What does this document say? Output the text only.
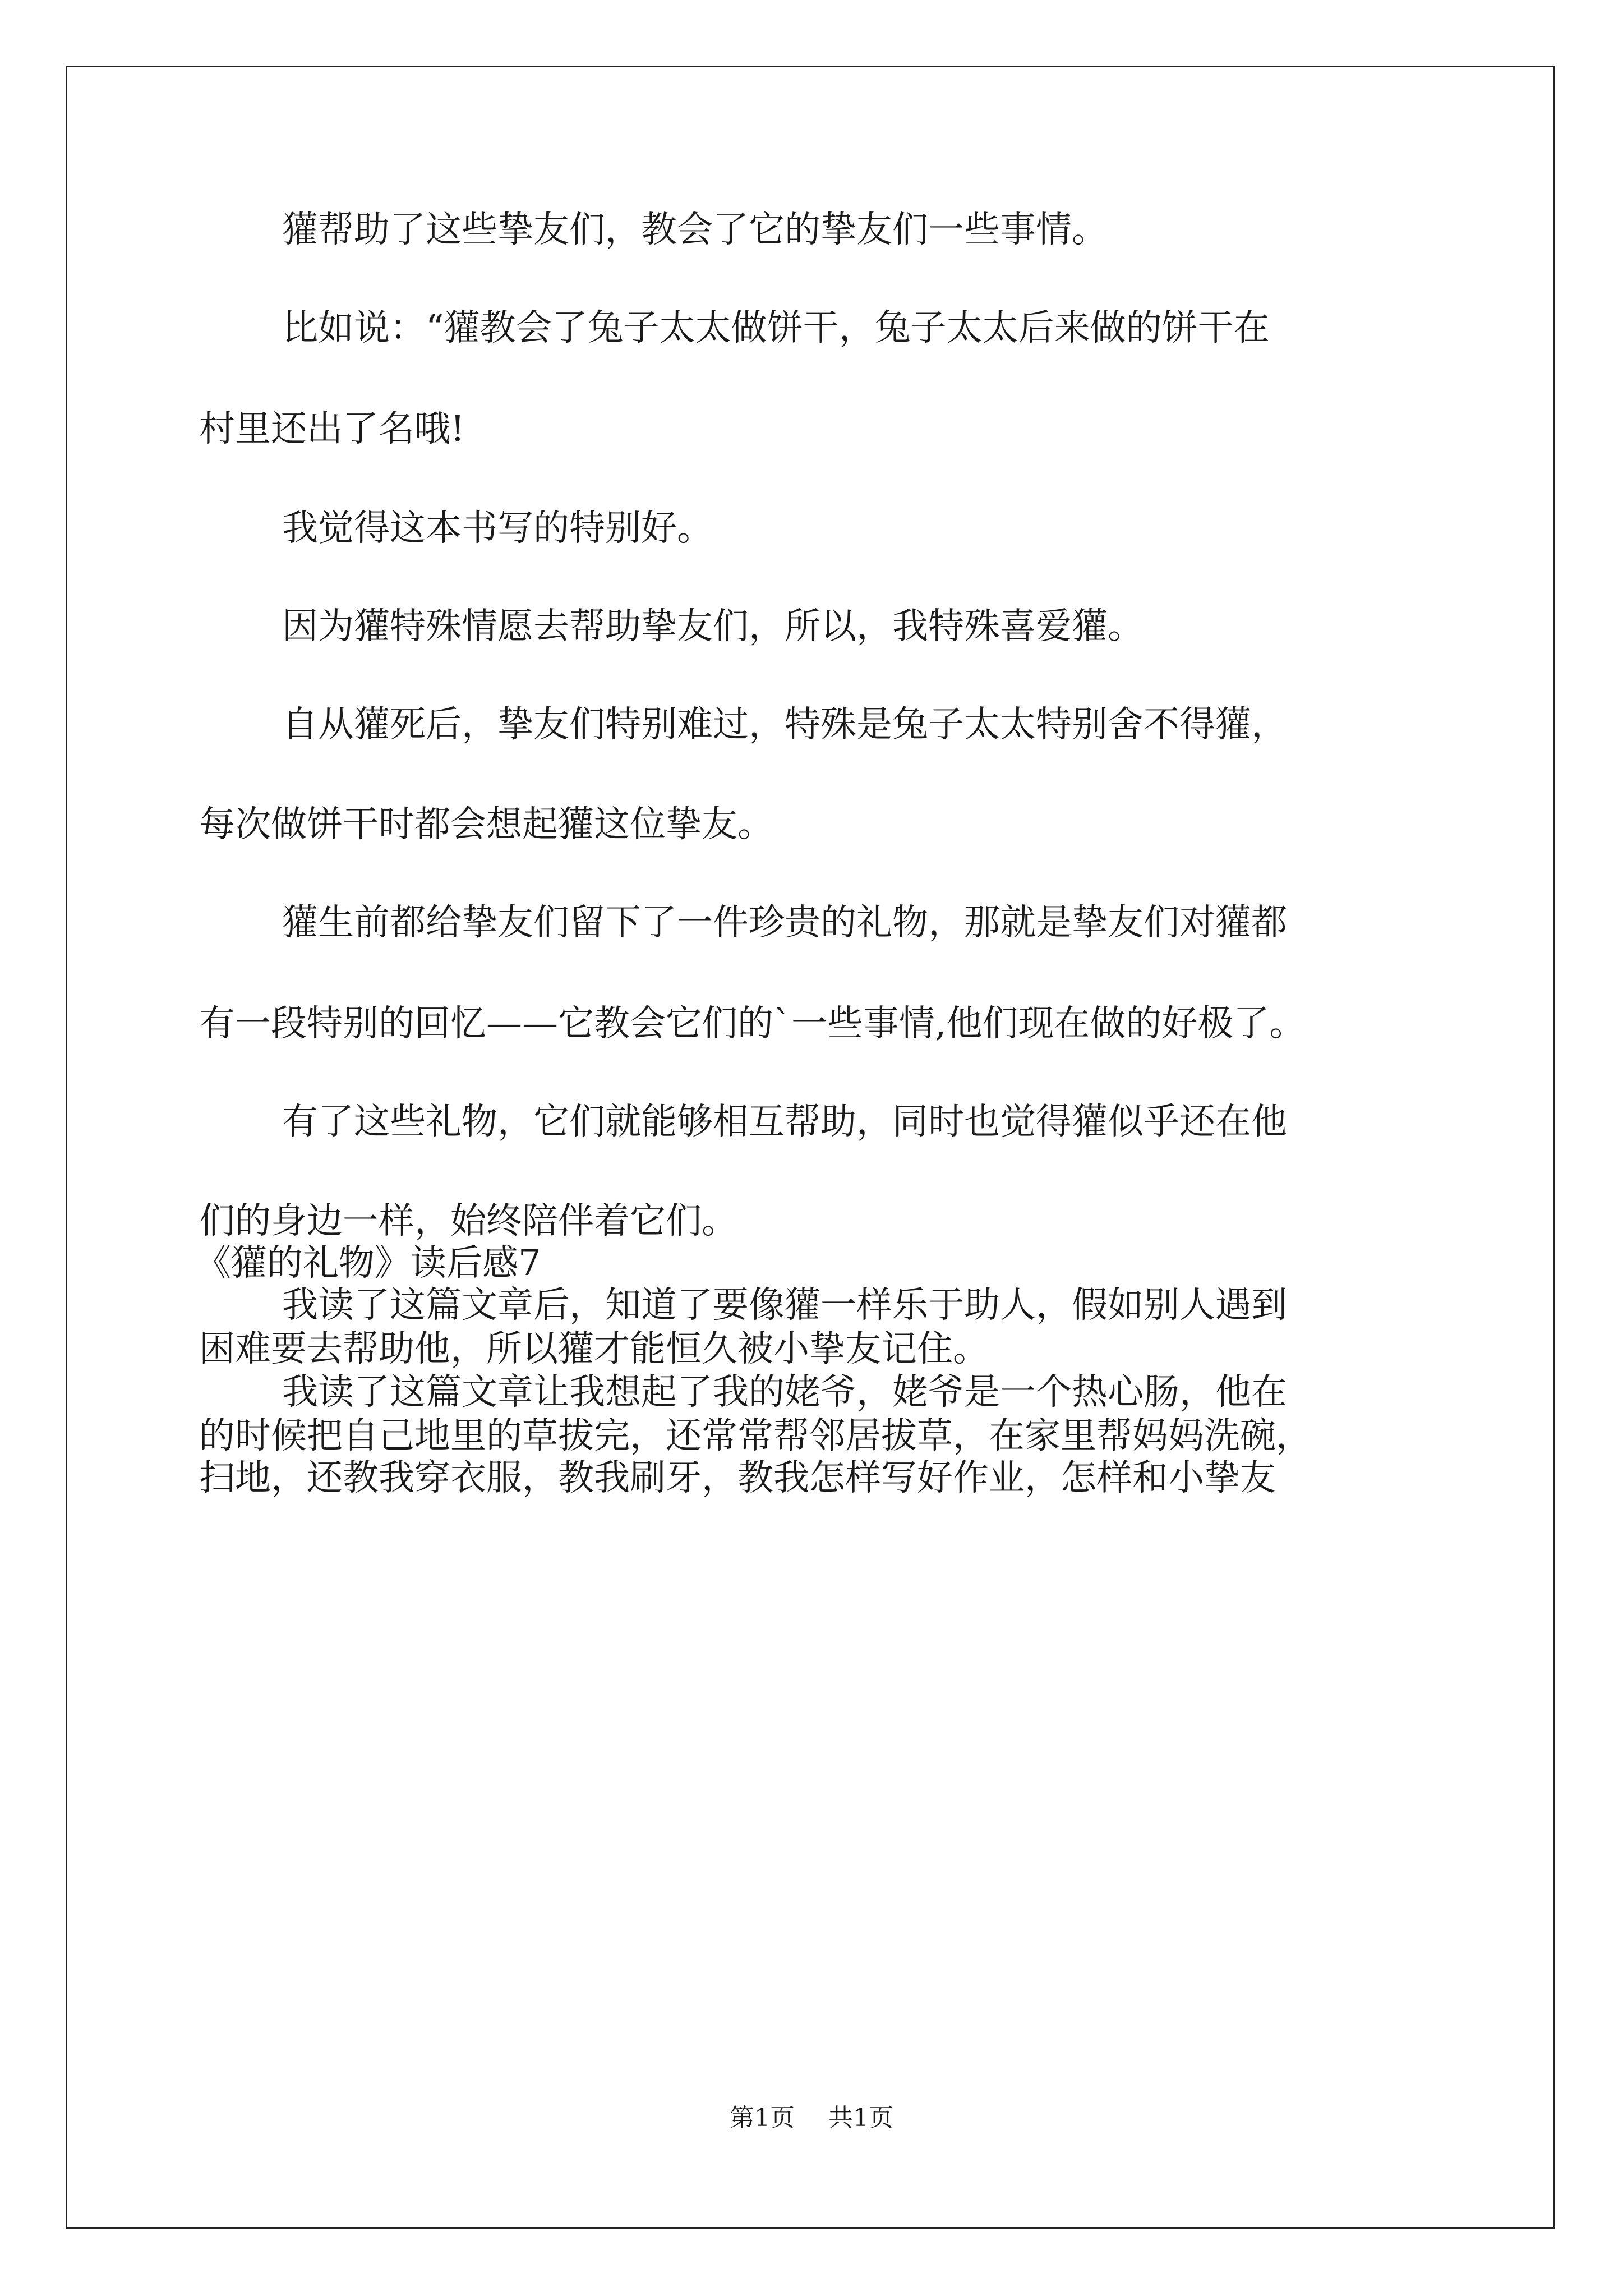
獾帮助了这些挚友们，教会了它的挚友们一些事情。
比如说：“獾教会了兔子太太做饼干，兔子太太后来做的饼干在
村里还出了名哦!
我觉得这本书写的特别好。
因为獾特殊情愿去帮助挚友们，所以，我特殊喜爱獾。
自从獾死后，挚友们特别难过，特殊是兔子太太特别舍不得獾，
每次做饼干时都会想起獾这位挚友。
獾生前都给挚友们留下了一件珍贵的礼物，那就是挚友们对獾都
有一段特别的回忆——它教会它们的`一些事情,他们现在做的好极了。
有了这些礼物，它们就能够相互帮助，同时也觉得獾似乎还在他
们的身边一样，始终陪伴着它们。
《獾的礼物》读后感7
我读了这篇文章后，知道了要像獾一样乐于助人，假如别人遇到
困难要去帮助他，所以獾才能恒久被小挚友记住。
我读了这篇文章让我想起了我的姥爷，姥爷是一个热心肠，他在
的时候把自己地里的草拔完，还常常帮邻居拔草，在家里帮妈妈洗碗，
扫地，还教我穿衣服，教我刷牙，教我怎样写好作业，怎样和小挚友
第1页 共1页
